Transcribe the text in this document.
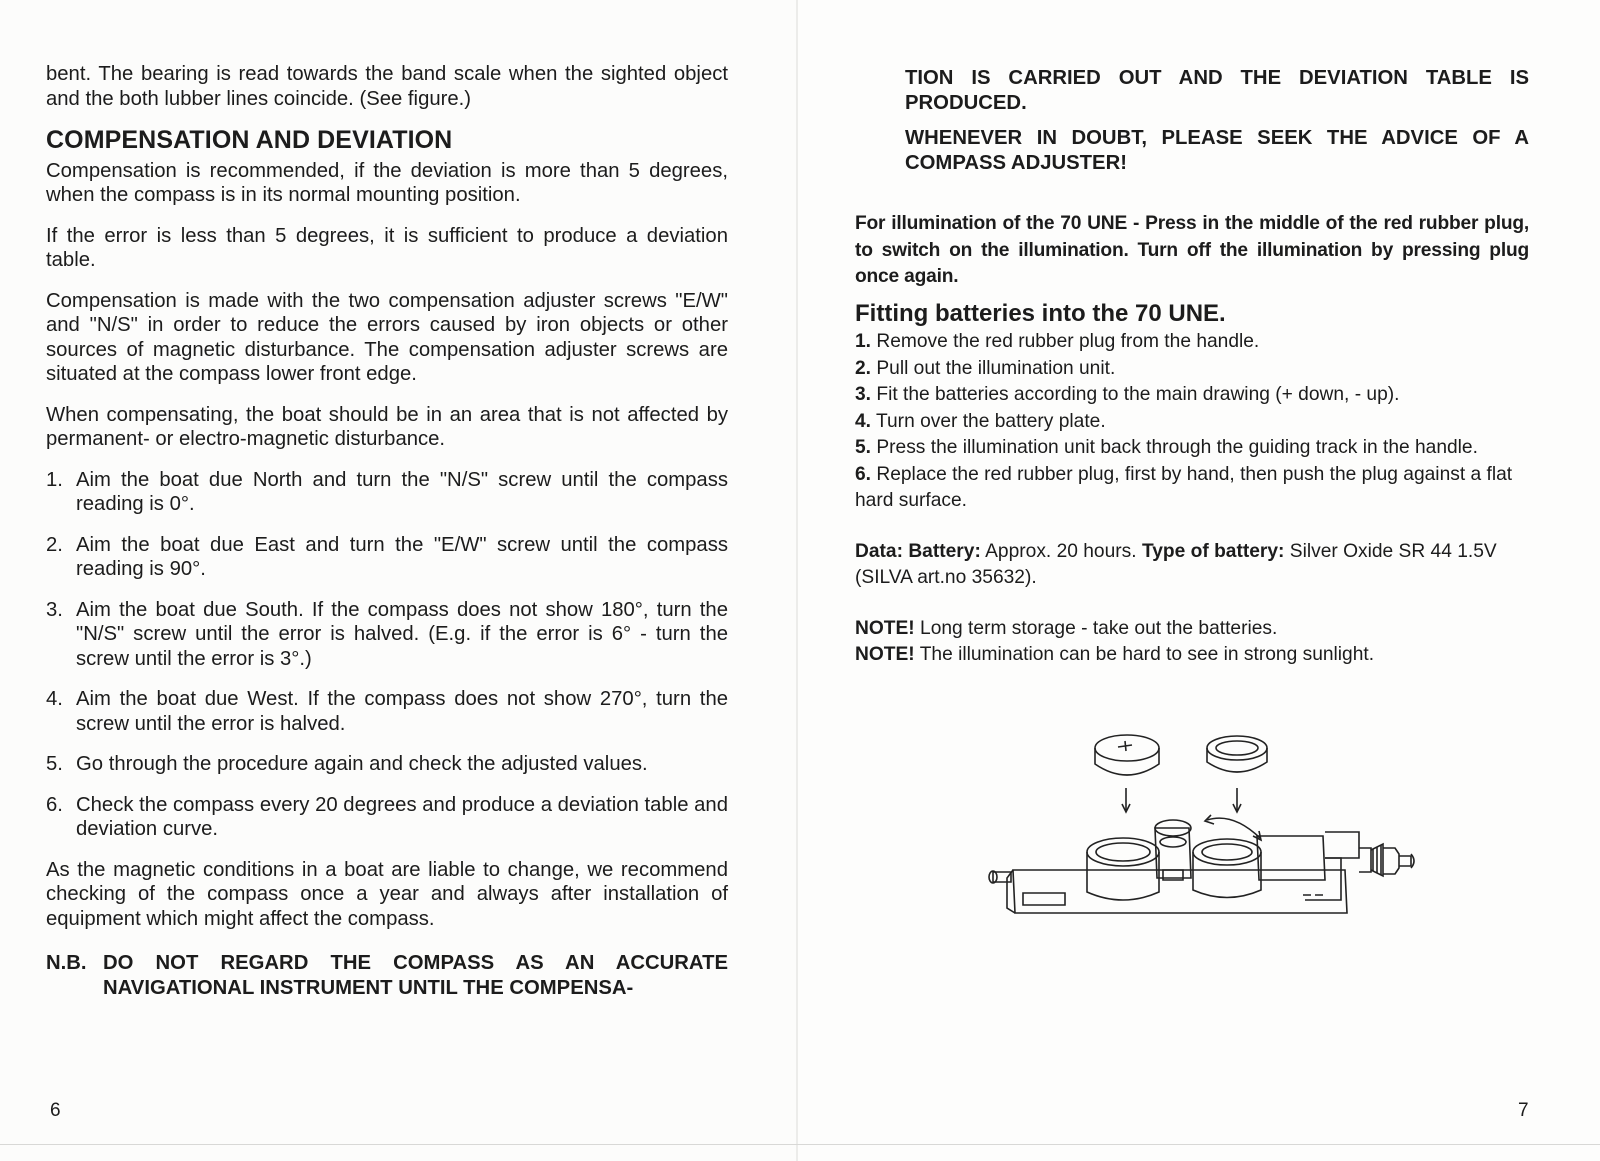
bent. The bearing is read towards the band scale when the sighted object and the both lubber lines coincide. (See figure.)

COMPENSATION AND DEVIATION

Compensation is recommended, if the deviation is more than 5 degrees, when the compass is in its normal mounting position.

If the error is less than 5 degrees, it is sufficient to produce a deviation table.

Compensation is made with the two compensation adjuster screws "E/W" and "N/S" in order to reduce the errors caused by iron objects or other sources of magnetic disturbance. The compensation adjuster screws are situated at the compass lower front edge.

When compensating, the boat should be in an area that is not affected by permanent- or electro-magnetic disturbance.

1. Aim the boat due North and turn the "N/S" screw until the compass reading is 0°.
2. Aim the boat due East and turn the "E/W" screw until the compass reading is 90°.
3. Aim the boat due South. If the compass does not show 180°, turn the "N/S" screw until the error is halved. (E.g. if the error is 6° - turn the screw until the error is 3°.)
4. Aim the boat due West. If the compass does not show 270°, turn the screw until the error is halved.
5. Go through the procedure again and check the adjusted values.
6. Check the compass every 20 degrees and produce a deviation table and deviation curve.

As the magnetic conditions in a boat are liable to change, we recommend checking of the compass once a year and always after installation of equipment which might affect the compass.

N.B. DO NOT REGARD THE COMPASS AS AN ACCURATE NAVIGATIONAL INSTRUMENT UNTIL THE COMPENSA-
6

TION IS CARRIED OUT AND THE DEVIATION TABLE IS PRODUCED.

WHENEVER IN DOUBT, PLEASE SEEK THE ADVICE OF A COMPASS ADJUSTER!

For illumination of the 70 UNE - Press in the middle of the red rubber plug, to switch on the illumination. Turn off the illumination by pressing plug once again.

Fitting batteries into the 70 UNE.
1. Remove the red rubber plug from the handle.
2. Pull out the illumination unit.
3. Fit the batteries according to the main drawing (+ down, - up).
4. Turn over the battery plate.
5. Press the illumination unit back through the guiding track in the handle.
6. Replace the red rubber plug, first by hand, then push the plug against a flat hard surface.

Data: Battery: Approx. 20 hours. Type of battery: Silver Oxide SR 44 1.5V (SILVA art.no 35632).

NOTE! Long term storage - take out the batteries.
NOTE! The illumination can be hard to see in strong sunlight.
7
